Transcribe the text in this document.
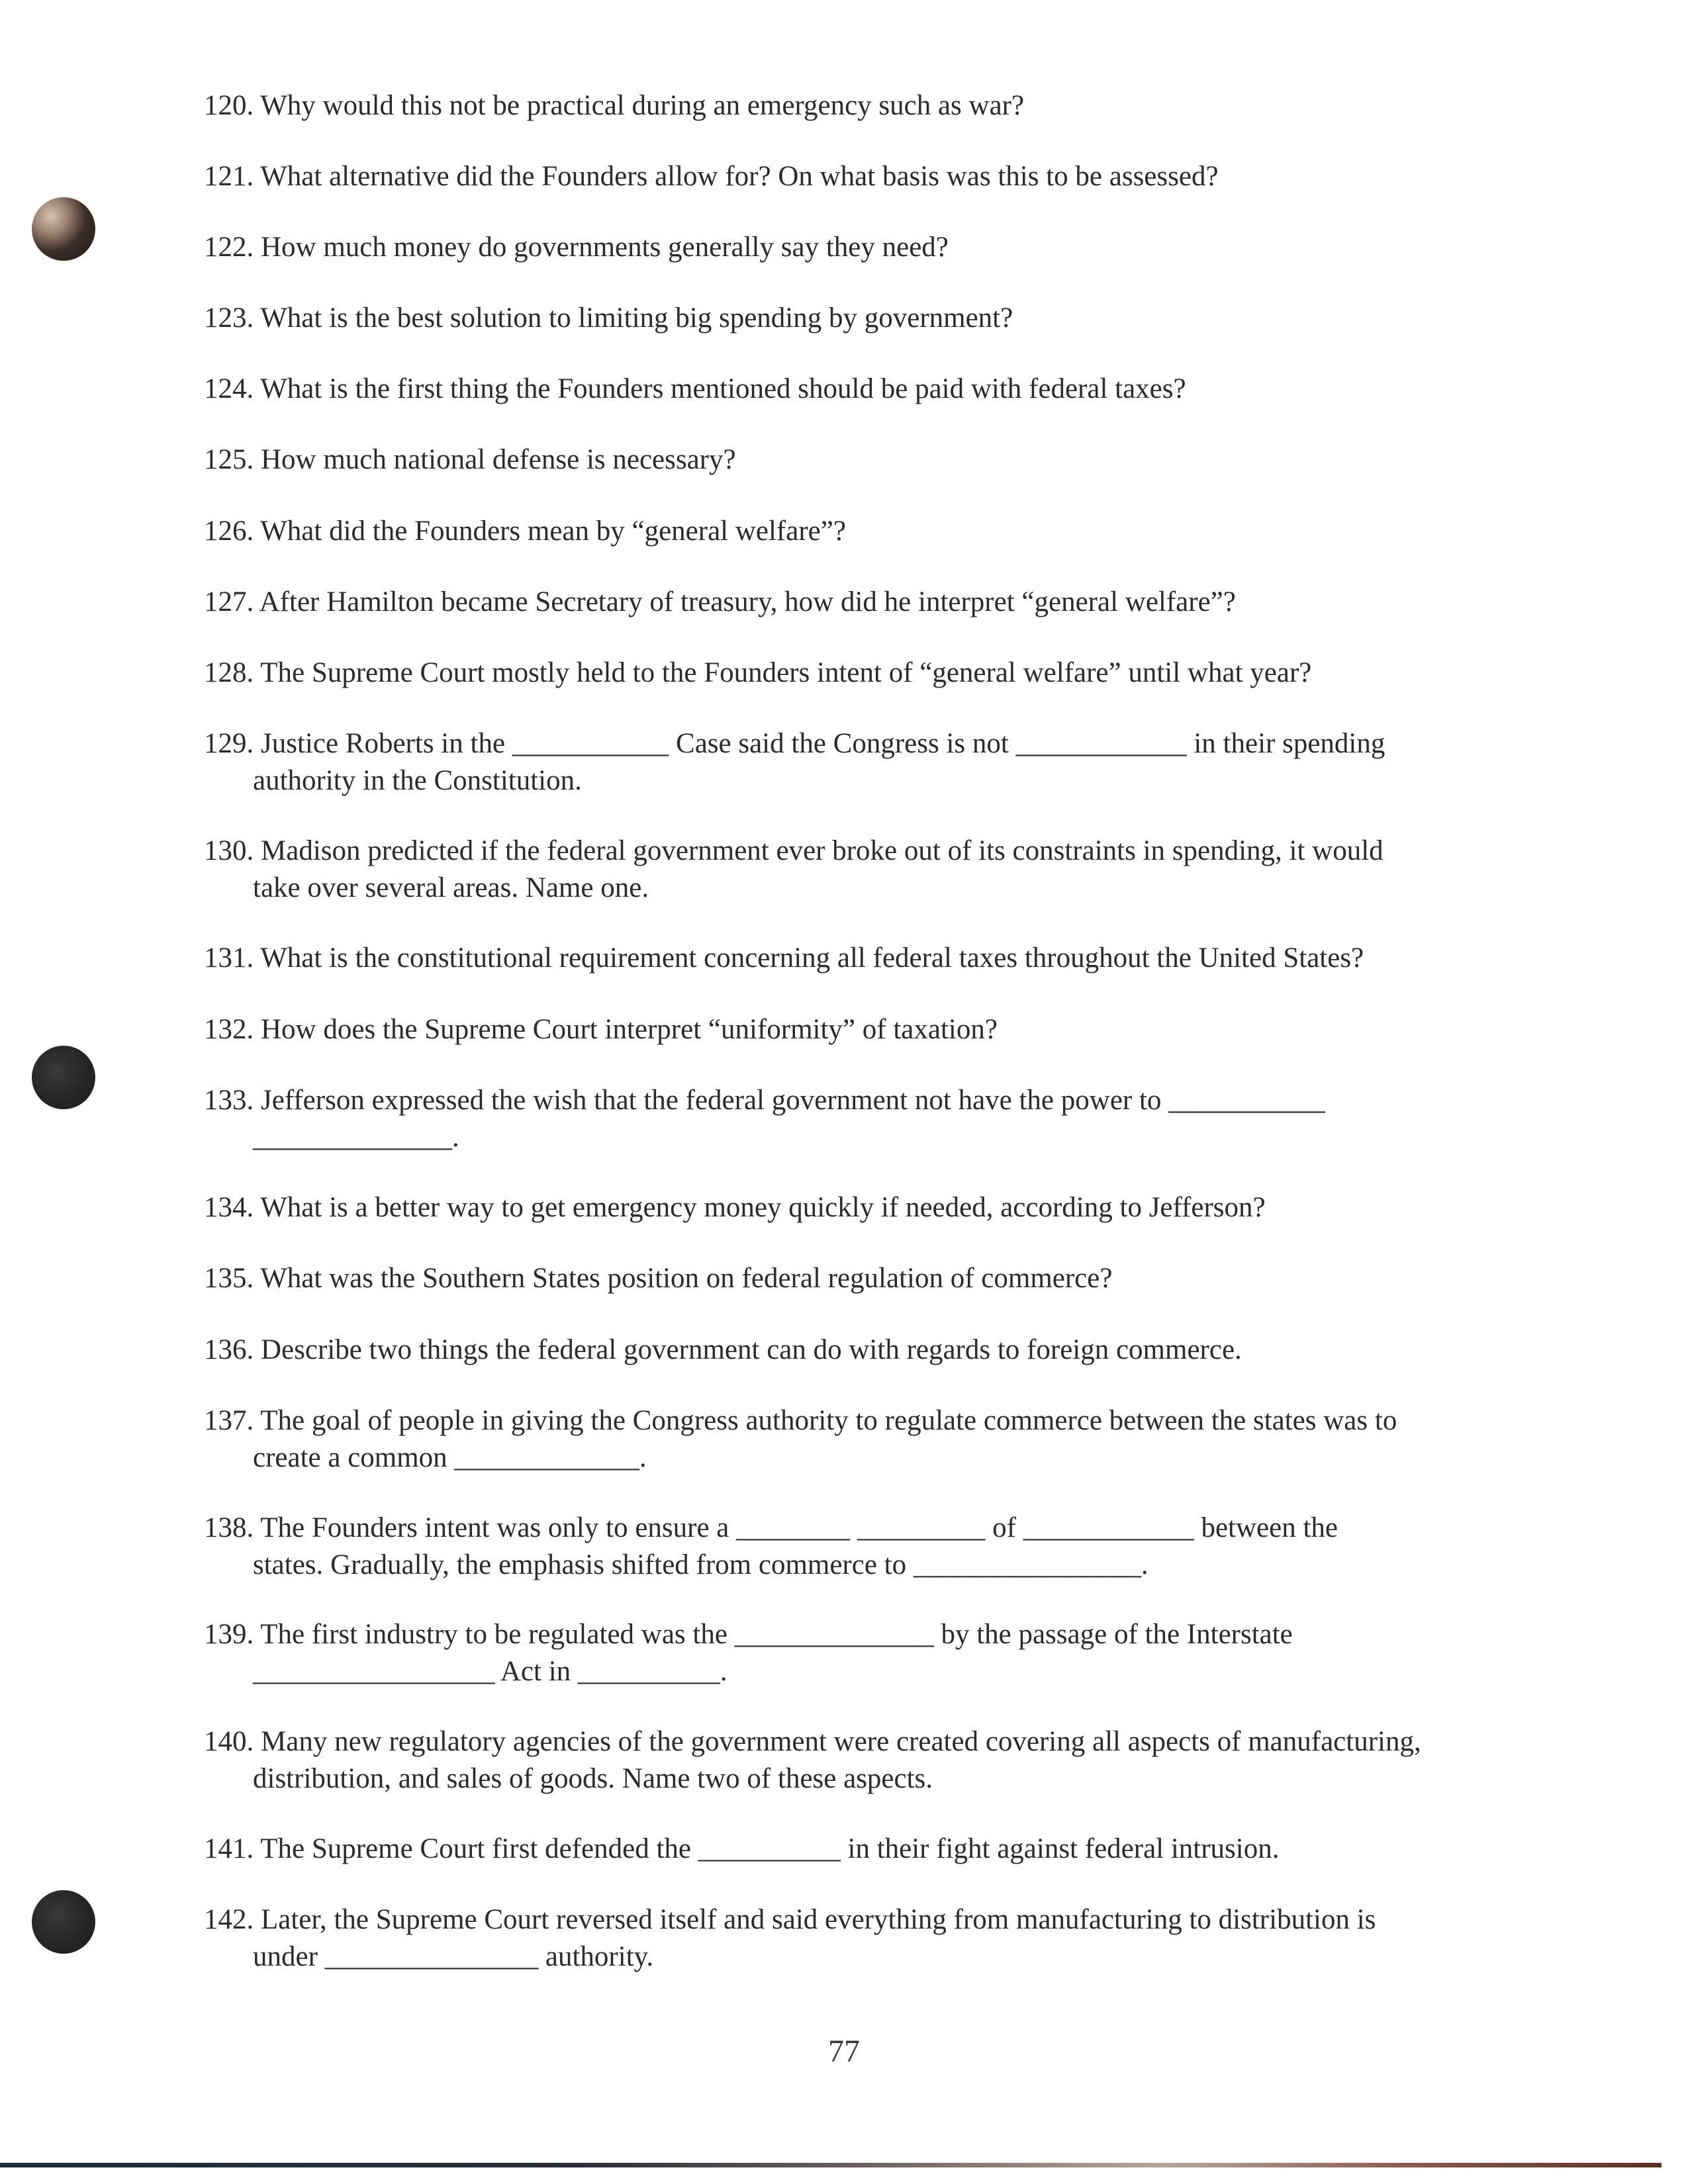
120. Why would this not be practical during an emergency such as war?
121. What alternative did the Founders allow for? On what basis was this to be assessed?
122. How much money do governments generally say they need?
123. What is the best solution to limiting big spending by government?
124. What is the first thing the Founders mentioned should be paid with federal taxes?
125. How much national defense is necessary?
126. What did the Founders mean by “general welfare”?
127. After Hamilton became Secretary of treasury, how did he interpret “general welfare”?
128. The Supreme Court mostly held to the Founders intent of “general welfare” until what year?
129. Justice Roberts in the ___________ Case said the Congress is not ____________ in their spending
authority in the Constitution.
130. Madison predicted if the federal government ever broke out of its constraints in spending, it would
take over several areas. Name one.
131. What is the constitutional requirement concerning all federal taxes throughout the United States?
132. How does the Supreme Court interpret “uniformity” of taxation?
133. Jefferson expressed the wish that the federal government not have the power to ___________
______________.
134. What is a better way to get emergency money quickly if needed, according to Jefferson?
135. What was the Southern States position on federal regulation of commerce?
136. Describe two things the federal government can do with regards to foreign commerce.
137. The goal of people in giving the Congress authority to regulate commerce between the states was to
create a common _____________.
138. The Founders intent was only to ensure a ________ _________ of ____________ between the
states. Gradually, the emphasis shifted from commerce to ________________.
139. The first industry to be regulated was the ______________ by the passage of the Interstate
_________________ Act in __________.
140. Many new regulatory agencies of the government were created covering all aspects of manufacturing,
distribution, and sales of goods. Name two of these aspects.
141. The Supreme Court first defended the __________ in their fight against federal intrusion.
142. Later, the Supreme Court reversed itself and said everything from manufacturing to distribution is
under _______________ authority.
77
